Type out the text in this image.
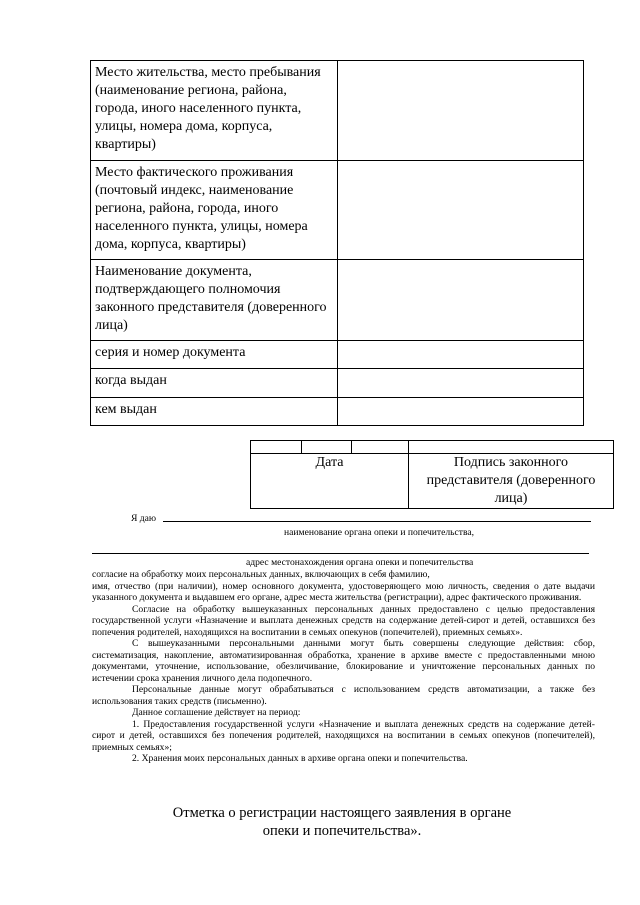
Место жительства, место пребывания (наименование региона, района, города, иного населенного пункта, улицы, номера дома, корпуса, квартиры)	
Место фактического проживания (почтовый индекс, наименование региона, района, города, иного населенного пункта, улицы, номера дома, корпуса, квартиры)	
Наименование документа, подтверждающего полномочия законного представителя (доверенного лица)	
серия и номер документа	
когда выдан	
кем выдан	

Дата			Подпись законного представителя (доверенного лица)
Я даю
наименование органа опеки и попечительства,
адрес местонахождения органа опеки и попечительства
согласие на обработку моих персональных данных, включающих в себя фамилию,
имя, отчество (при наличии), номер основного документа, удостоверяющего мою личность, сведения о дате выдачи указанного документа и выдавшем его органе, адрес места жительства (регистрации), адрес фактического проживания.
Согласие на обработку вышеуказанных персональных данных предоставлено с целью предоставления государственной услуги «Назначение и выплата денежных средств на содержание детей-сирот и детей, оставшихся без попечения родителей, находящихся на воспитании в семьях опекунов (попечителей), приемных семьях».
С вышеуказанными персональными данными могут быть совершены следующие действия: сбор, систематизация, накопление, автоматизированная обработка, хранение в архиве вместе с предоставленными мною документами, уточнение, использование, обезличивание, блокирование и уничтожение персональных данных по истечении срока хранения личного дела подопечного.
Персональные данные могут обрабатываться с использованием средств автоматизации, а также без использования таких средств (письменно).
Данное соглашение действует на период:
1. Предоставления государственной услуги «Назначение и выплата денежных средств на содержание детей-сирот и детей, оставшихся без попечения родителей, находящихся на воспитании в семьях опекунов (попечителей), приемных семьях»;
2. Хранения моих персональных данных в архиве органа опеки и попечительства.
Отметка о регистрации настоящего заявления в органе
опеки и попечительства».
